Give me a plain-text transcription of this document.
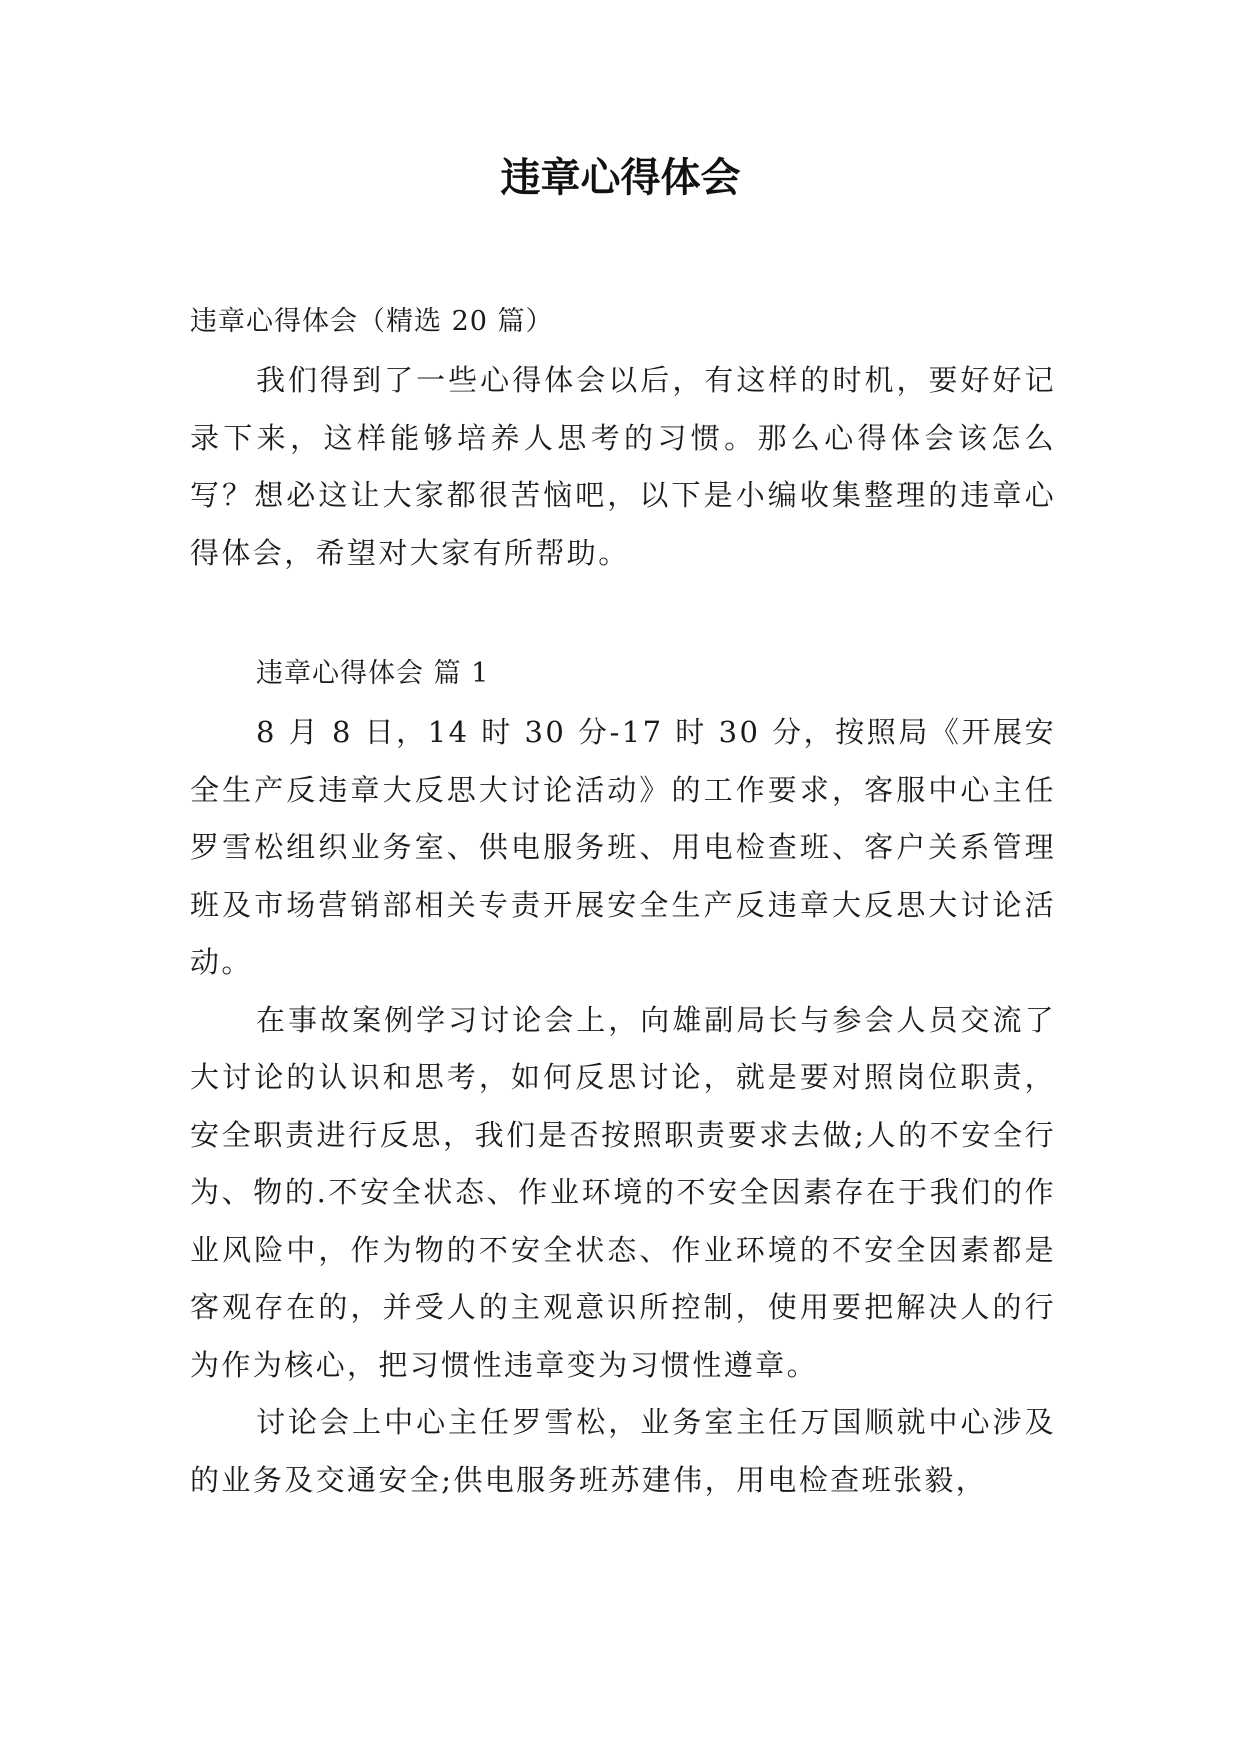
违章心得体会

违章心得体会（精选 20 篇）

我们得到了一些心得体会以后，有这样的时机，要好好记录下来，这样能够培养人思考的习惯。那么心得体会该怎么写？想必这让大家都很苦恼吧，以下是小编收集整理的违章心得体会，希望对大家有所帮助。

违章心得体会 篇 1

8 月 8 日，14 时 30 分-17 时 30 分，按照局《开展安全生产反违章大反思大讨论活动》的工作要求，客服中心主任罗雪松组织业务室、供电服务班、用电检查班、客户关系管理班及市场营销部相关专责开展安全生产反违章大反思大讨论活动。

在事故案例学习讨论会上，向雄副局长与参会人员交流了大讨论的认识和思考，如何反思讨论，就是要对照岗位职责，安全职责进行反思，我们是否按照职责要求去做;人的不安全行为、物的.不安全状态、作业环境的不安全因素存在于我们的作业风险中，作为物的不安全状态、作业环境的不安全因素都是客观存在的，并受人的主观意识所控制，使用要把解决人的行为作为核心，把习惯性违章变为习惯性遵章。

讨论会上中心主任罗雪松，业务室主任万国顺就中心涉及的业务及交通安全;供电服务班苏建伟，用电检查班张毅，
